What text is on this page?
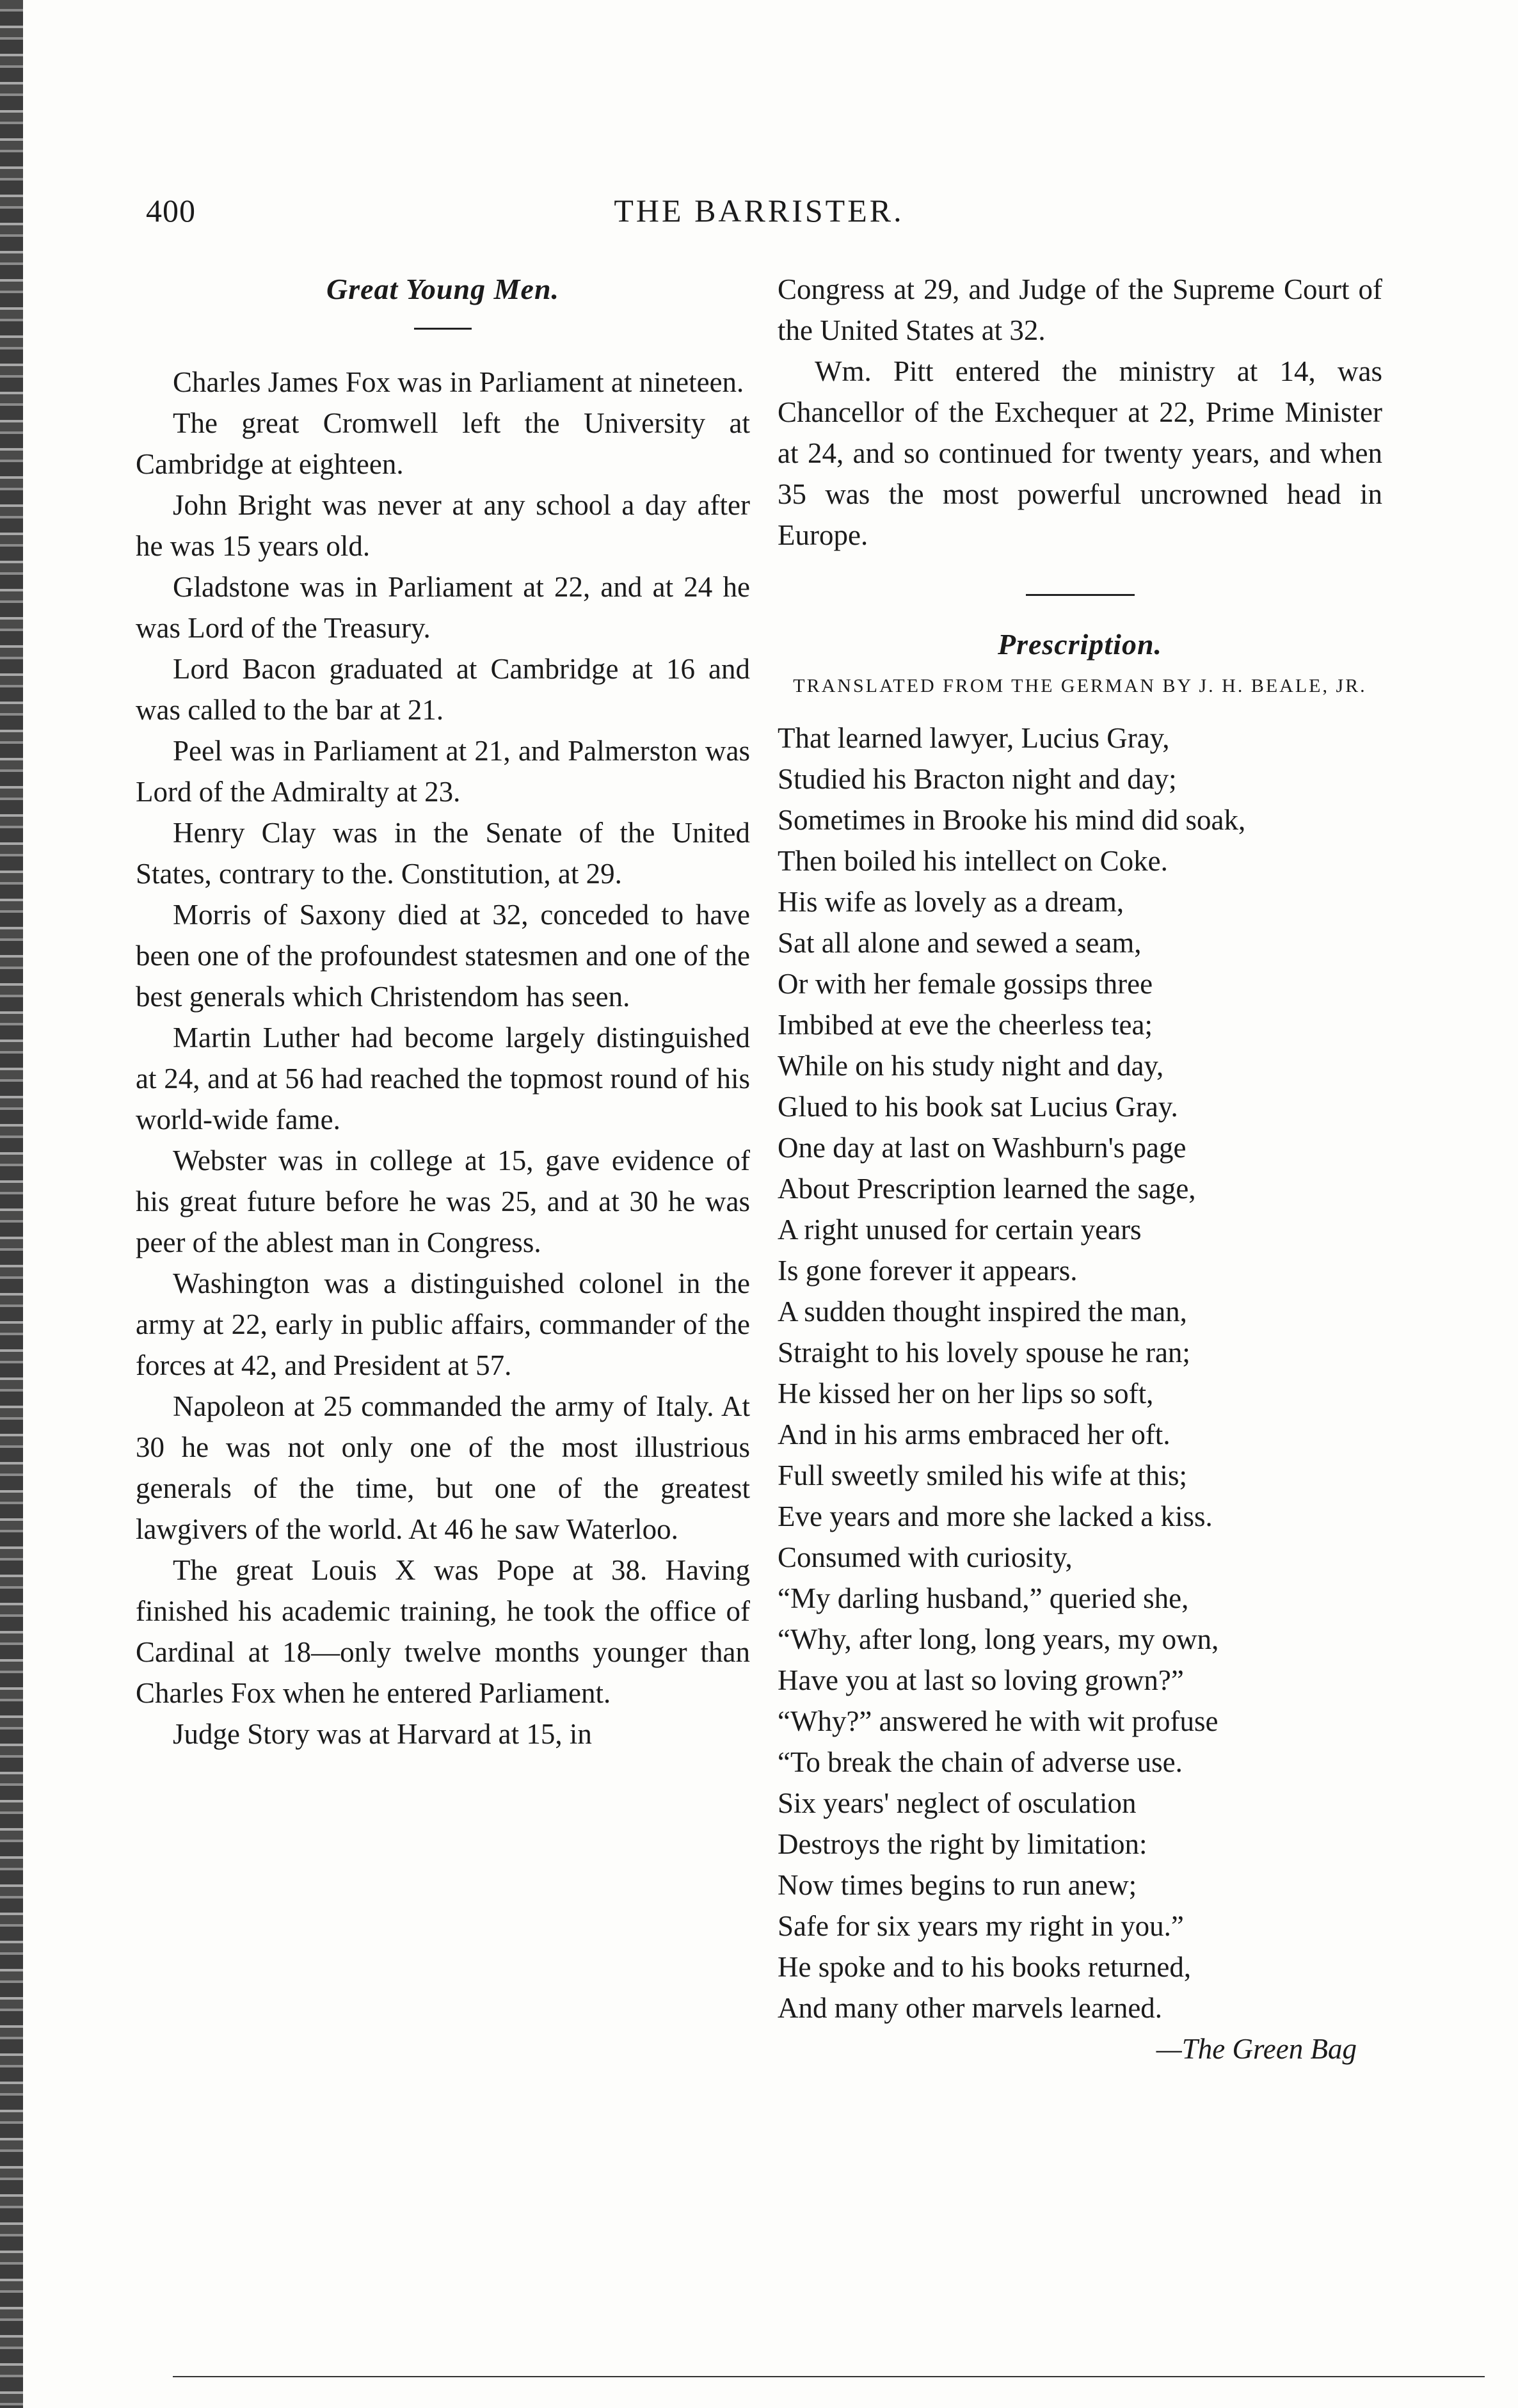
400	THE BARRISTER.
Great Young Men.

Charles James Fox was in Parliament at nineteen.

The great Cromwell left the University at Cambridge at eighteen.

John Bright was never at any school a day after he was 15 years old.

Gladstone was in Parliament at 22, and at 24 he was Lord of the Treasury.

Lord Bacon graduated at Cambridge at 16 and was called to the bar at 21.

Peel was in Parliament at 21, and Palmerston was Lord of the Admiralty at 23.

Henry Clay was in the Senate of the United States, contrary to the. Constitution, at 29.

Morris of Saxony died at 32, conceded to have been one of the profoundest statesmen and one of the best generals which Christendom has seen.

Martin Luther had become largely distinguished at 24, and at 56 had reached the topmost round of his world-wide fame.

Webster was in college at 15, gave evidence of his great future before he was 25, and at 30 he was peer of the ablest man in Congress.

Washington was a distinguished colonel in the army at 22, early in public affairs, commander of the forces at 42, and President at 57.

Napoleon at 25 commanded the army of Italy. At 30 he was not only one of the most illustrious generals of the time, but one of the greatest lawgivers of the world. At 46 he saw Waterloo.

The great Louis X was Pope at 38. Having finished his academic training, he took the office of Cardinal at 18—only twelve months younger than Charles Fox when he entered Parliament.

Judge Story was at Harvard at 15, in

Congress at 29, and Judge of the Supreme Court of the United States at 32.

Wm. Pitt entered the ministry at 14, was Chancellor of the Exchequer at 22, Prime Minister at 24, and so continued for twenty years, and when 35 was the most powerful uncrowned head in Europe.

Prescription.
TRANSLATED FROM THE GERMAN BY J. H. BEALE, JR.

That learned lawyer, Lucius Gray,

Studied his Bracton night and day;

Sometimes in Brooke his mind did soak,

Then boiled his intellect on Coke.

His wife as lovely as a dream,

Sat all alone and sewed a seam,

Or with her female gossips three

Imbibed at eve the cheerless tea;

While on his study night and day,

Glued to his book sat Lucius Gray.

One day at last on Washburn's page

About Prescription learned the sage,

A right unused for certain years

Is gone forever it appears.

A sudden thought inspired the man,

Straight to his lovely spouse he ran;

He kissed her on her lips so soft,

And in his arms embraced her oft.

Full sweetly smiled his wife at this;

Eve years and more she lacked a kiss.

Consumed with curiosity,

“My darling husband,” queried she,

“Why, after long, long years, my own,

Have you at last so loving grown?”

“Why?” answered he with wit profuse

“To break the chain of adverse use.

Six years' neglect of osculation

Destroys the right by limitation:

Now times begins to run anew;

Safe for six years my right in you.”

He spoke and to his books returned,

And many other marvels learned.

—The Green Bag
